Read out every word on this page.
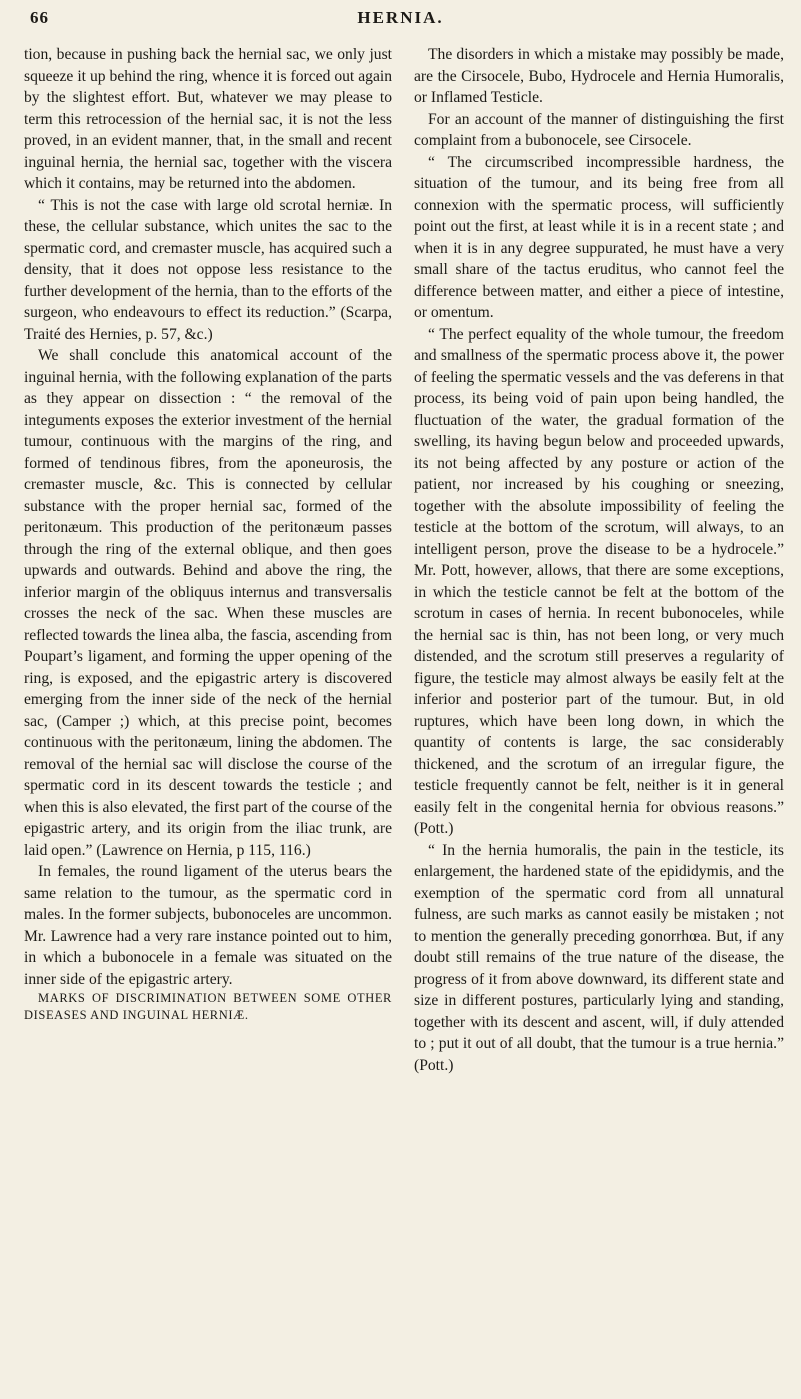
66	HERNIA.

tion, because in pushing back the hernial sac, we only just squeeze it up behind the ring, whence it is forced out again by the slightest effort. But, whatever we may please to term this retrocession of the hernial sac, it is not the less proved, in an evident manner, that, in the small and recent inguinal hernia, the hernial sac, together with the viscera which it contains, may be returned into the abdomen.

“ This is not the case with large old scrotal herniæ. In these, the cellular substance, which unites the sac to the spermatic cord, and cremaster muscle, has acquired such a density, that it does not oppose less resistance to the further development of the hernia, than to the efforts of the surgeon, who endeavours to effect its reduction.” (Scarpa, Traité des Hernies, p. 57, &c.)

We shall conclude this anatomical account of the inguinal hernia, with the following explanation of the parts as they appear on dissection : “ the removal of the integuments exposes the exterior investment of the hernial tumour, continuous with the margins of the ring, and formed of tendinous fibres, from the aponeurosis, the cremaster muscle, &c. This is connected by cellular substance with the proper hernial sac, formed of the peritonæum. This production of the peritonæum passes through the ring of the external oblique, and then goes upwards and outwards. Behind and above the ring, the inferior margin of the obliquus internus and transversalis crosses the neck of the sac. When these muscles are reflected towards the linea alba, the fascia, ascending from Poupart’s ligament, and forming the upper opening of the ring, is exposed, and the epigastric artery is discovered emerging from the inner side of the neck of the hernial sac, (Camper ;) which, at this precise point, becomes continuous with the peritonæum, lining the abdomen. The removal of the hernial sac will disclose the course of the spermatic cord in its descent towards the testicle ; and when this is also elevated, the first part of the course of the epigastric artery, and its origin from the iliac trunk, are laid open.” (Lawrence on Hernia, p 115, 116.)

In females, the round ligament of the uterus bears the same relation to the tumour, as the spermatic cord in males. In the former subjects, bubonoceles are uncommon. Mr. Lawrence had a very rare instance pointed out to him, in which a bubonocele in a female was situated on the inner side of the epigastric artery.

MARKS OF DISCRIMINATION BETWEEN SOME OTHER DISEASES AND INGUINAL HERNIÆ.

The disorders in which a mistake may possibly be made, are the Cirsocele, Bubo, Hydrocele and Hernia Humoralis, or Inflamed Testicle.

For an account of the manner of distinguishing the first complaint from a bubonocele, see Cirsocele.

“ The circumscribed incompressible hardness, the situation of the tumour, and its being free from all connexion with the spermatic process, will sufficiently point out the first, at least while it is in a recent state ; and when it is in any degree suppurated, he must have a very small share of the tactus eruditus, who cannot feel the difference between matter, and either a piece of intestine, or omentum.

“ The perfect equality of the whole tumour, the freedom and smallness of the spermatic process above it, the power of feeling the spermatic vessels and the vas deferens in that process, its being void of pain upon being handled, the fluctuation of the water, the gradual formation of the swelling, its having begun below and proceeded upwards, its not being affected by any posture or action of the patient, nor increased by his coughing or sneezing, together with the absolute impossibility of feeling the testicle at the bottom of the scrotum, will always, to an intelligent person, prove the disease to be a hydrocele.” Mr. Pott, however, allows, that there are some exceptions, in which the testicle cannot be felt at the bottom of the scrotum in cases of hernia. In recent bubonoceles, while the hernial sac is thin, has not been long, or very much distended, and the scrotum still preserves a regularity of figure, the testicle may almost always be easily felt at the inferior and posterior part of the tumour. But, in old ruptures, which have been long down, in which the quantity of contents is large, the sac considerably thickened, and the scrotum of an irregular figure, the testicle frequently cannot be felt, neither is it in general easily felt in the congenital hernia for obvious reasons.” (Pott.)

“ In the hernia humoralis, the pain in the testicle, its enlargement, the hardened state of the epididymis, and the exemption of the spermatic cord from all unnatural fulness, are such marks as cannot easily be mistaken ; not to mention the generally preceding gonorrhœa. But, if any doubt still remains of the true nature of the disease, the progress of it from above downward, its different state and size in different postures, particularly lying and standing, together with its descent and ascent, will, if duly attended to ; put it out of all doubt, that the tumour is a true hernia.” (Pott.)
